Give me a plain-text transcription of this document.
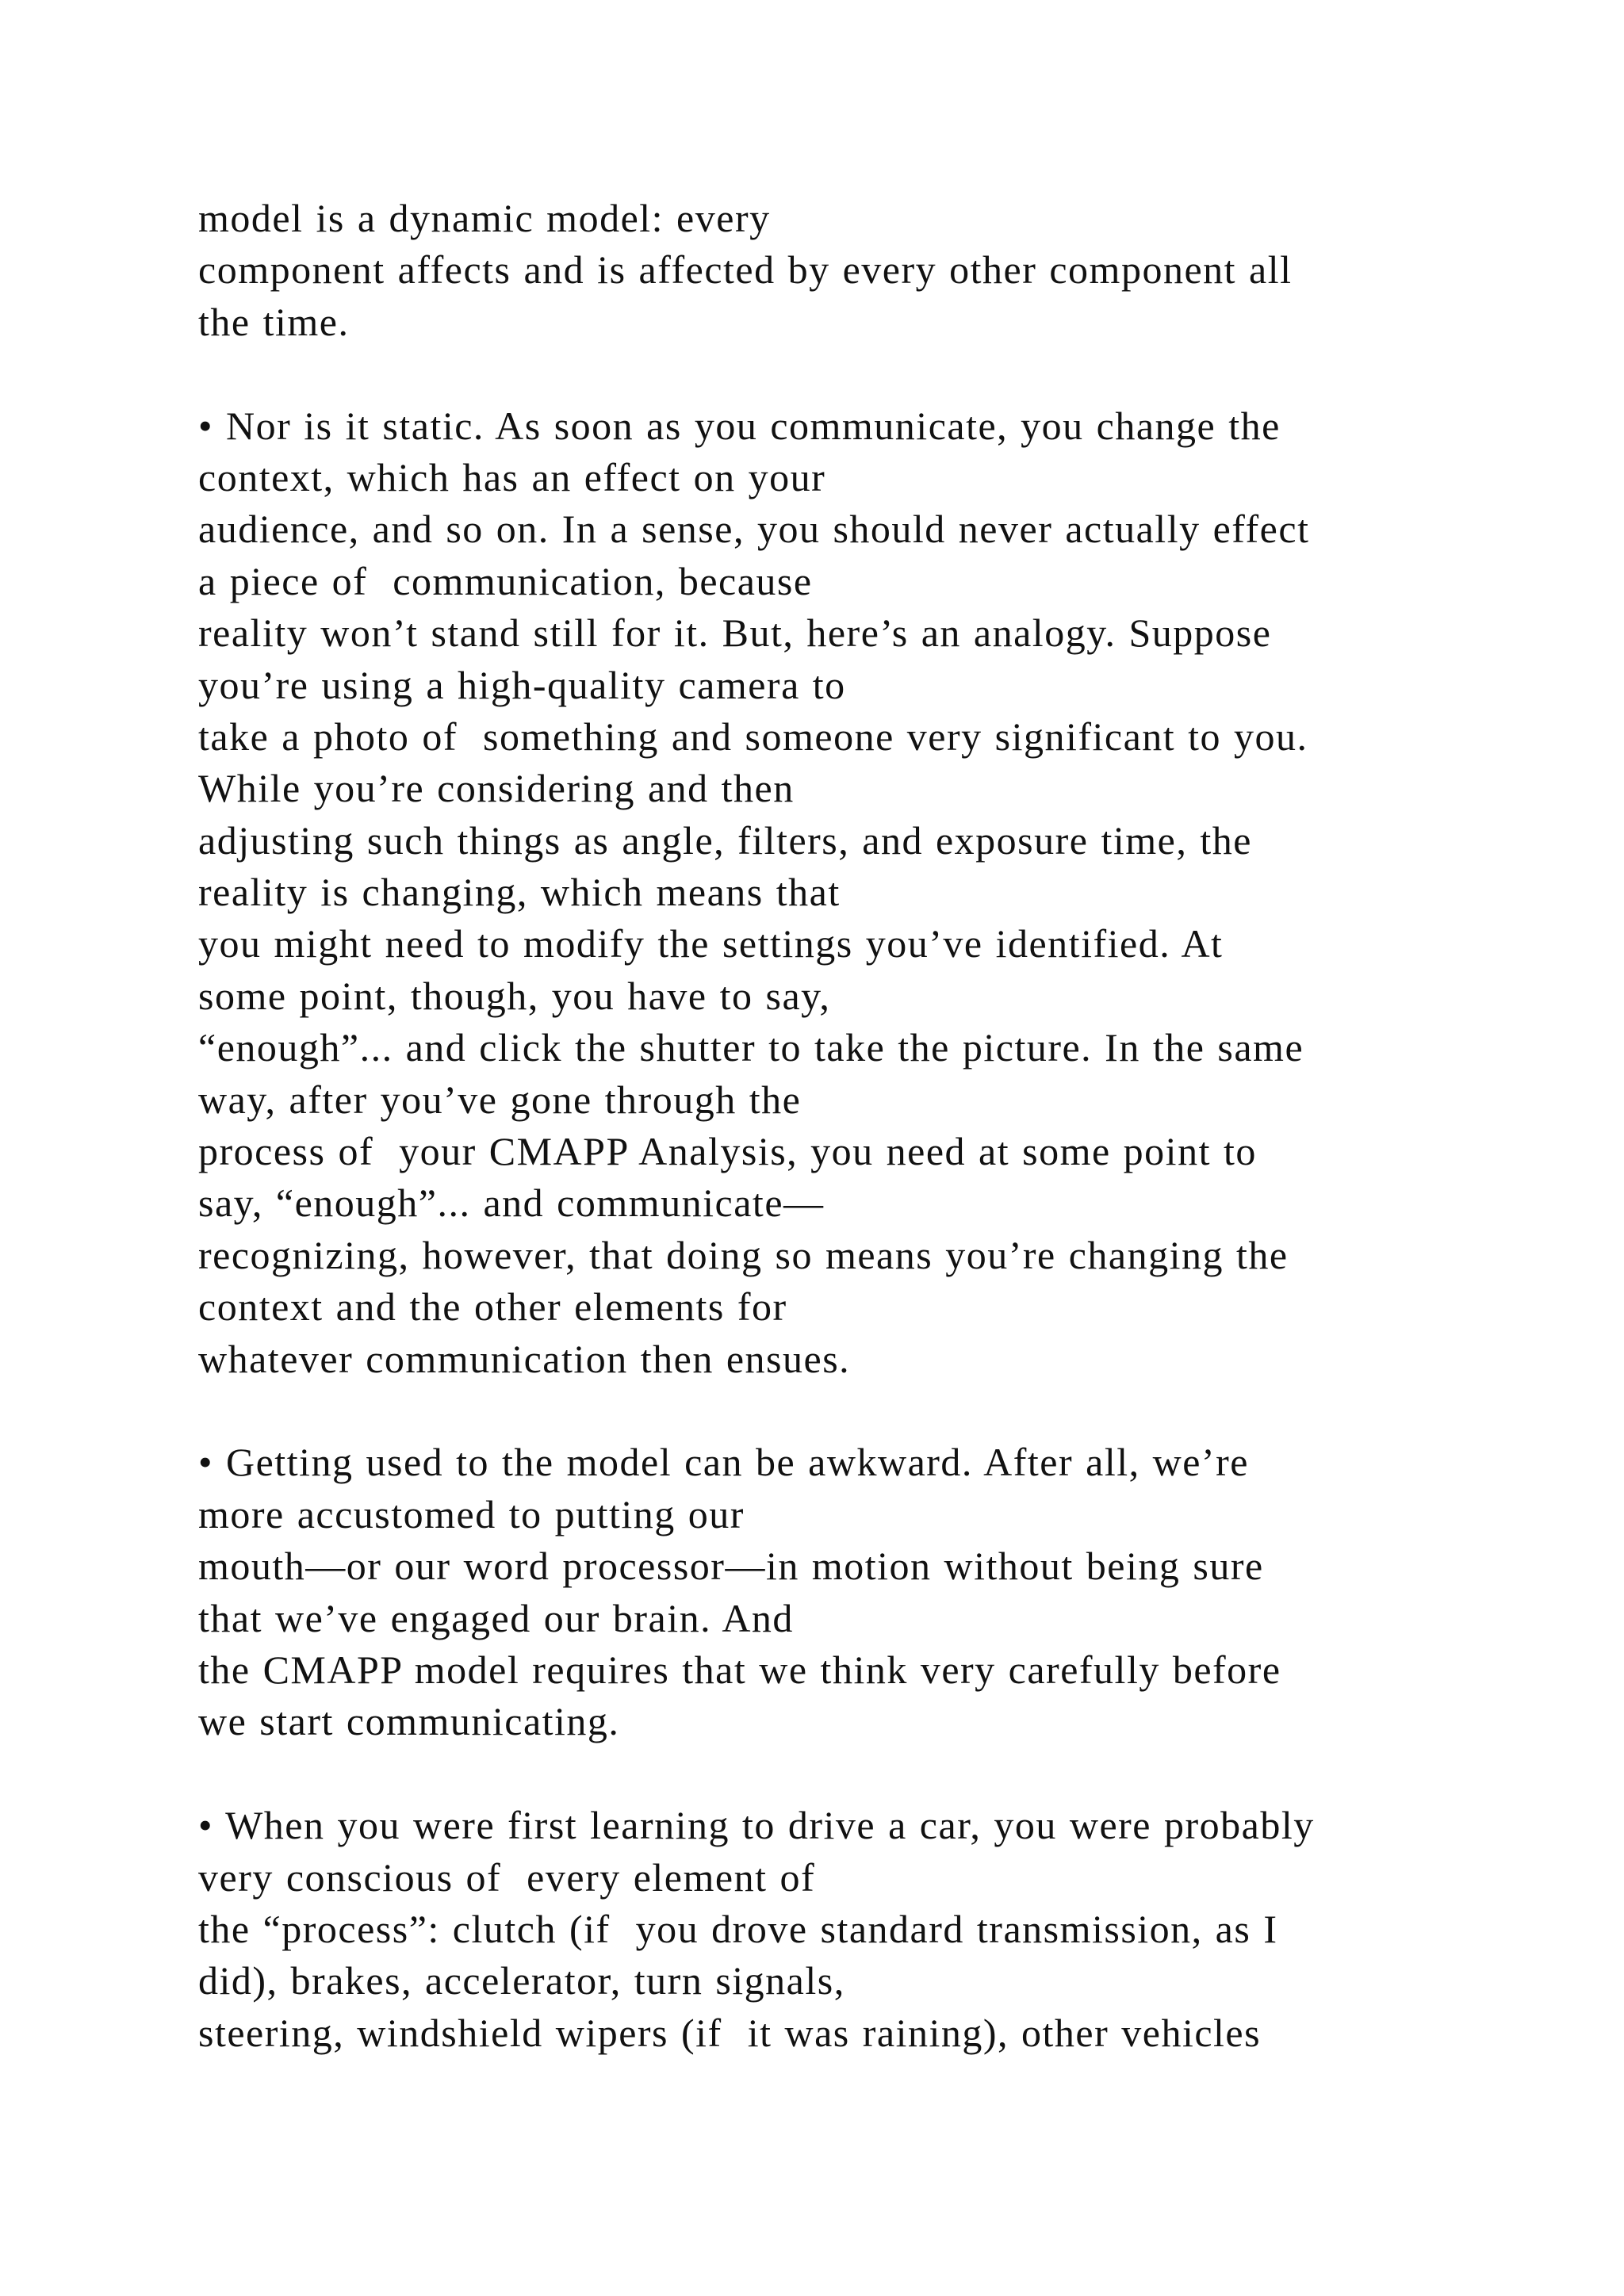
model is a dynamic model: every
component affects and is affected by every other component all
the time.
• Nor is it static. As soon as you communicate, you change the
context, which has an effect on your
audience, and so on. In a sense, you should never actually effect
a piece of  communication, because
reality won’t stand still for it. But, here’s an analogy. Suppose
you’re using a high-quality camera to
take a photo of  something and someone very significant to you.
While you’re considering and then
adjusting such things as angle, filters, and exposure time, the
reality is changing, which means that
you might need to modify the settings you’ve identified. At
some point, though, you have to say,
“enough”... and click the shutter to take the picture. In the same
way, after you’ve gone through the
process of  your CMAPP Analysis, you need at some point to
say, “enough”... and communicate—
recognizing, however, that doing so means you’re changing the
context and the other elements for
whatever communication then ensues.
• Getting used to the model can be awkward. After all, we’re
more accustomed to putting our
mouth—or our word processor—in motion without being sure
that we’ve engaged our brain. And
the CMAPP model requires that we think very carefully before
we start communicating.
• When you were first learning to drive a car, you were probably
very conscious of  every element of
the “process”: clutch (if  you drove standard transmission, as I
did), brakes, accelerator, turn signals,
steering, windshield wipers (if  it was raining), other vehicles
